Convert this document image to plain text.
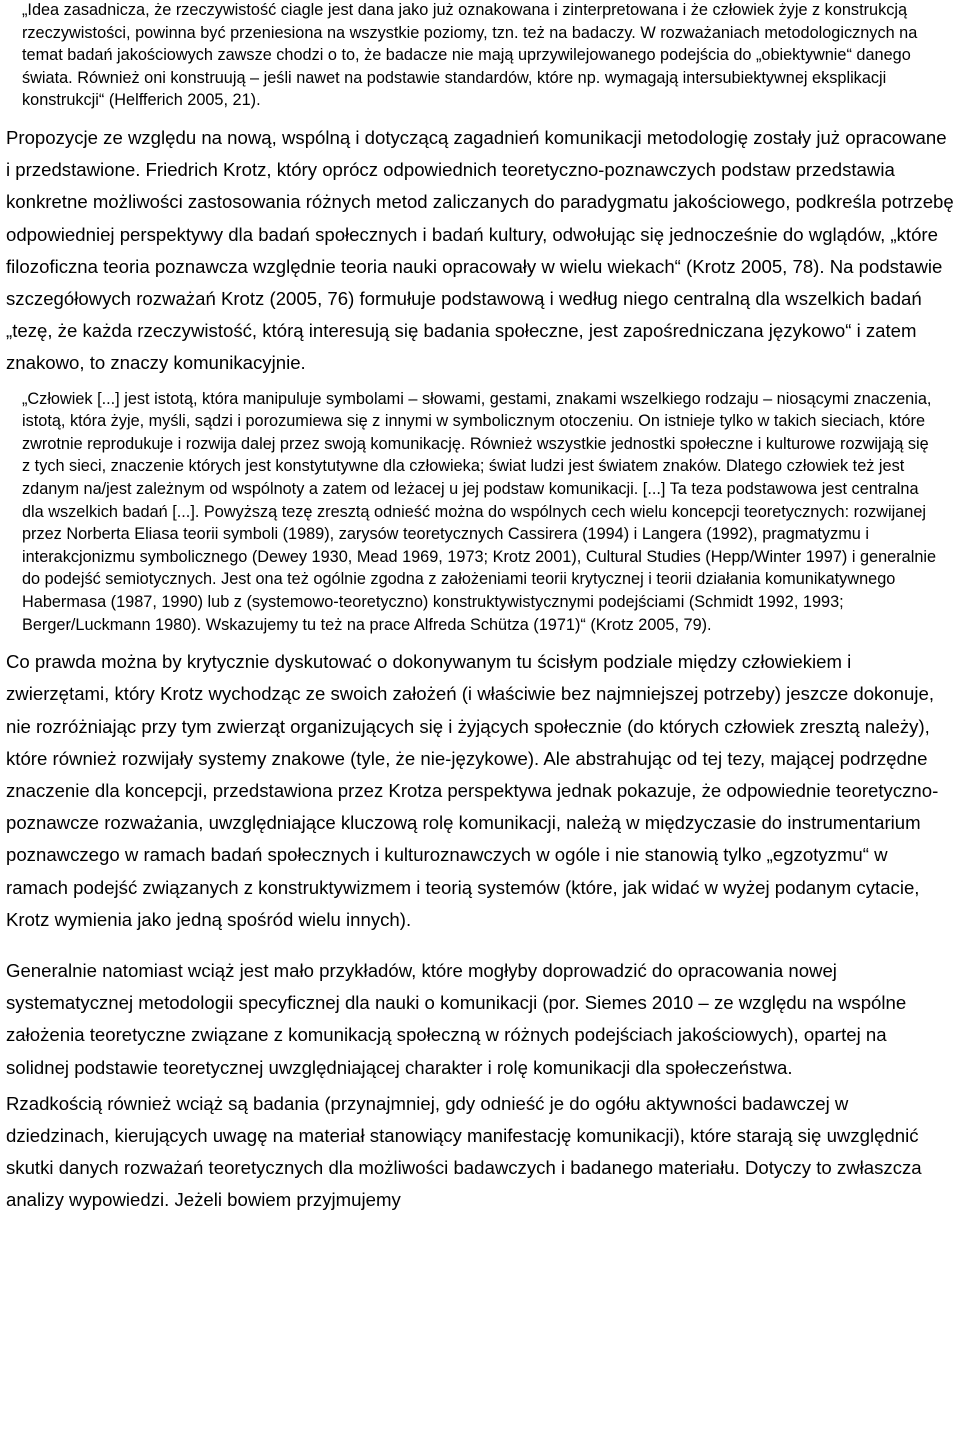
„Idea zasadnicza, że rzeczywistość ciagle jest dana jako już oznakowana i zinterpretowana i że człowiek żyje z konstrukcją rzeczywistości, powinna być przeniesiona na wszystkie poziomy, tzn. też na badaczy. W rozważaniach metodologicznych na temat badań jakościowych zawsze chodzi o to, że badacze nie mają uprzywilejowanego podejścia do „obiektywnie“ danego świata. Również oni konstruują – jeśli nawet na podstawie standardów, które np. wymagają intersubiektywnej eksplikacji konstrukcji“ (Helfferich 2005, 21).

Propozycje ze względu na nową, wspólną i dotyczącą zagadnień komunikacji metodologię zostały już opracowane i przedstawione. Friedrich Krotz, który oprócz odpowiednich teoretyczno-poznawczych podstaw przedstawia konkretne możliwości zastosowania różnych metod zaliczanych do paradygmatu jakościowego, podkreśla potrzebę odpowiedniej perspektywy dla badań społecznych i badań kultury, odwołując się jednocześnie do wglądów, „które filozoficzna teoria poznawcza względnie teoria nauki opracowały w wielu wiekach“ (Krotz 2005, 78). Na podstawie szczegółowych rozważań Krotz (2005, 76) formułuje podstawową i według niego centralną dla wszelkich badań „tezę, że każda rzeczywistość, którą interesują się badania społeczne, jest zapośredniczana językowo“ i zatem znakowo, to znaczy komunikacyjnie.

„Człowiek [...] jest istotą, która manipuluje symbolami – słowami, gestami, znakami wszelkiego rodzaju – niosącymi znaczenia, istotą, która żyje, myśli, sądzi i porozumiewa się z innymi w symbolicznym otoczeniu. On istnieje tylko w takich sieciach, które zwrotnie reprodukuje i rozwija dalej przez swoją komunikację. Również wszystkie jednostki społeczne i kulturowe rozwijają się z tych sieci, znaczenie których jest konstytutywne dla człowieka; świat ludzi jest światem znaków. Dlatego człowiek też jest zdanym na/jest zależnym od wspólnoty a zatem od leżacej u jej podstaw komunikacji. [...] Ta teza podstawowa jest centralna dla wszelkich badań [...]. Powyższą tezę zresztą odnieść można do wspólnych cech wielu koncepcji teoretycznych: rozwijanej przez Norberta Eliasa teorii symboli (1989), zarysów teoretycznych Cassirera (1994) i Langera (1992), pragmatyzmu i interakcjonizmu symbolicznego (Dewey 1930, Mead 1969, 1973; Krotz 2001), Cultural Studies (Hepp/Winter 1997) i generalnie do podejść semiotycznych. Jest ona też ogólnie zgodna z założeniami teorii krytycznej i teorii działania komunikatywnego Habermasa (1987, 1990) lub z (systemowo-teoretyczno) konstruktywistycznymi podejściami (Schmidt 1992, 1993; Berger/Luckmann 1980). Wskazujemy tu też na prace Alfreda Schütza (1971)“ (Krotz 2005, 79).

Co prawda można by krytycznie dyskutować o dokonywanym tu ścisłym podziale między człowiekiem i zwierzętami, który Krotz wychodząc ze swoich założeń (i właściwie bez najmniejszej potrzeby) jeszcze dokonuje, nie rozróżniając przy tym zwierząt organizujących się i żyjących społecznie (do których człowiek zresztą należy), które również rozwijały systemy znakowe (tyle, że nie-językowe). Ale abstrahując od tej tezy, mającej podrzędne znaczenie dla koncepcji, przedstawiona przez Krotza perspektywa jednak pokazuje, że odpowiednie teoretyczno-poznawcze rozważania, uwzględniające kluczową rolę komunikacji, należą w międzyczasie do instrumentarium poznawczego w ramach badań społecznych i kulturoznawczych w ogóle i nie stanowią tylko „egzotyzmu“ w ramach podejść związanych z konstruktywizmem i teorią systemów (które, jak widać w wyżej podanym cytacie, Krotz wymienia jako jedną spośród wielu innych).

Generalnie natomiast wciąż jest mało przykładów, które mogłyby doprowadzić do opracowania nowej systematycznej metodologii specyficznej dla nauki o komunikacji (por. Siemes 2010 – ze względu na wspólne założenia teoretyczne związane z komunikacją społeczną w różnych podejściach jakościowych), opartej na solidnej podstawie teoretycznej uwzględniającej charakter i rolę komunikacji dla społeczeństwa.

Rzadkością również wciąż są badania (przynajmniej, gdy odnieść je do ogółu aktywności badawczej w dziedzinach, kierujących uwagę na materiał stanowiący manifestację komunikacji), które starają się uwzględnić skutki danych rozważań teoretycznych dla możliwości badawczych i badanego materiału. Dotyczy to zwłaszcza analizy wypowiedzi. Jeżeli bowiem przyjmujemy
